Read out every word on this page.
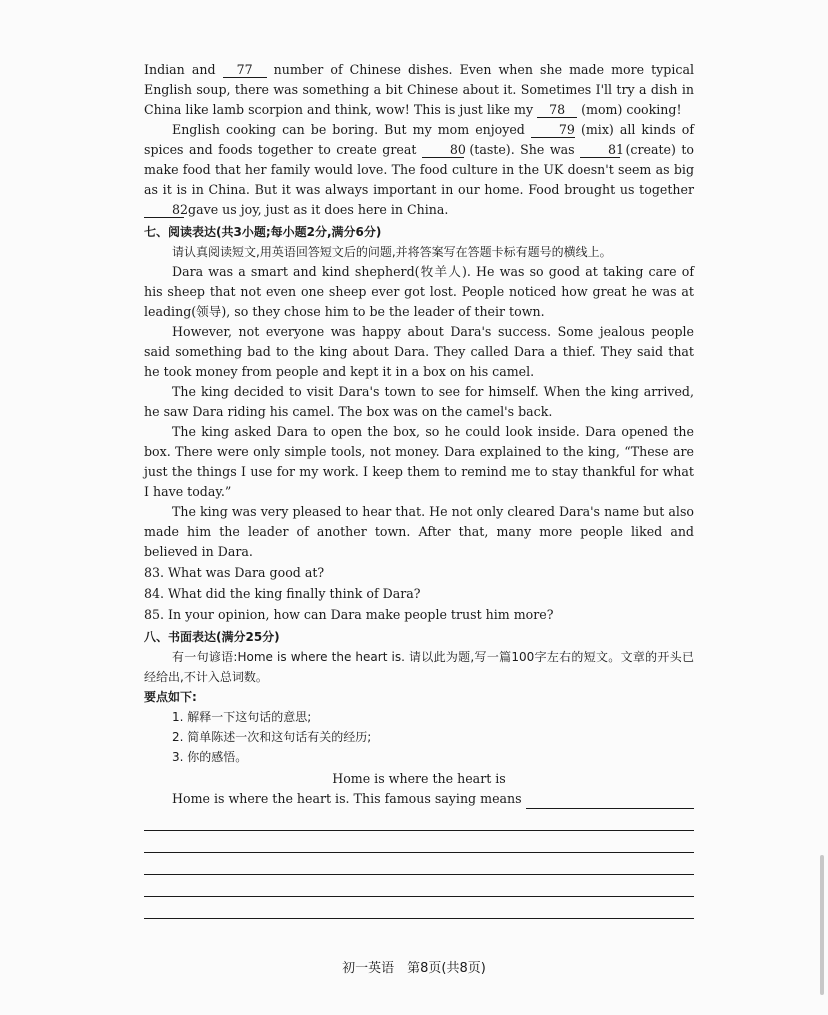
Indian and 77 number of Chinese dishes. Even when she made more typical English soup, there was something a bit Chinese about it. Sometimes I'll try a dish in China like lamb scorpion and think, wow! This is just like my 78 (mom) cooking!

English cooking can be boring. But my mom enjoyed	79 (mix) all kinds of spices and foods together to create great	80 (taste). She was	81 (create) to make food that her family would love. The food culture in the UK doesn't seem as big as it is in China. But it was always important in our home. Food brought us together 82 gave us joy, just as it does here in China.

七、阅读表达(共3小题;每小题2分,满分6分)

请认真阅读短文,用英语回答短文后的问题,并将答案写在答题卡标有题号的横线上。

Dara was a smart and kind shepherd(牧羊人). He was so good at taking care of his sheep that not even one sheep ever got lost. People noticed how great he was at leading(领导), so they chose him to be the leader of their town.

However, not everyone was happy about Dara's success. Some jealous people said something bad to the king about Dara. They called Dara a thief. They said that he took money from people and kept it in a box on his camel.

The king decided to visit Dara's town to see for himself. When the king arrived, he saw Dara riding his camel. The box was on the camel's back.

The king asked Dara to open the box, so he could look inside. Dara opened the box. There were only simple tools, not money. Dara explained to the king, “These are just the things I use for my work. I keep them to remind me to stay thankful for what I have today.”

The king was very pleased to hear that. He not only cleared Dara's name but also made him the leader of another town. After that, many more people liked and believed in Dara.

83. What was Dara good at?

84. What did the king finally think of Dara?

85. In your opinion, how can Dara make people trust him more?

八、书面表达(满分25分)

有一句谚语:Home is where the heart is. 请以此为题,写一篇100字左右的短文。文章的开头已经给出,不计入总词数。

要点如下:

1. 解释一下这句话的意思;

2. 简单陈述一次和这句话有关的经历;

3. 你的感悟。

Home is where the heart is

Home is where the heart is. This famous saying means
初一英语　第8页(共8页)
